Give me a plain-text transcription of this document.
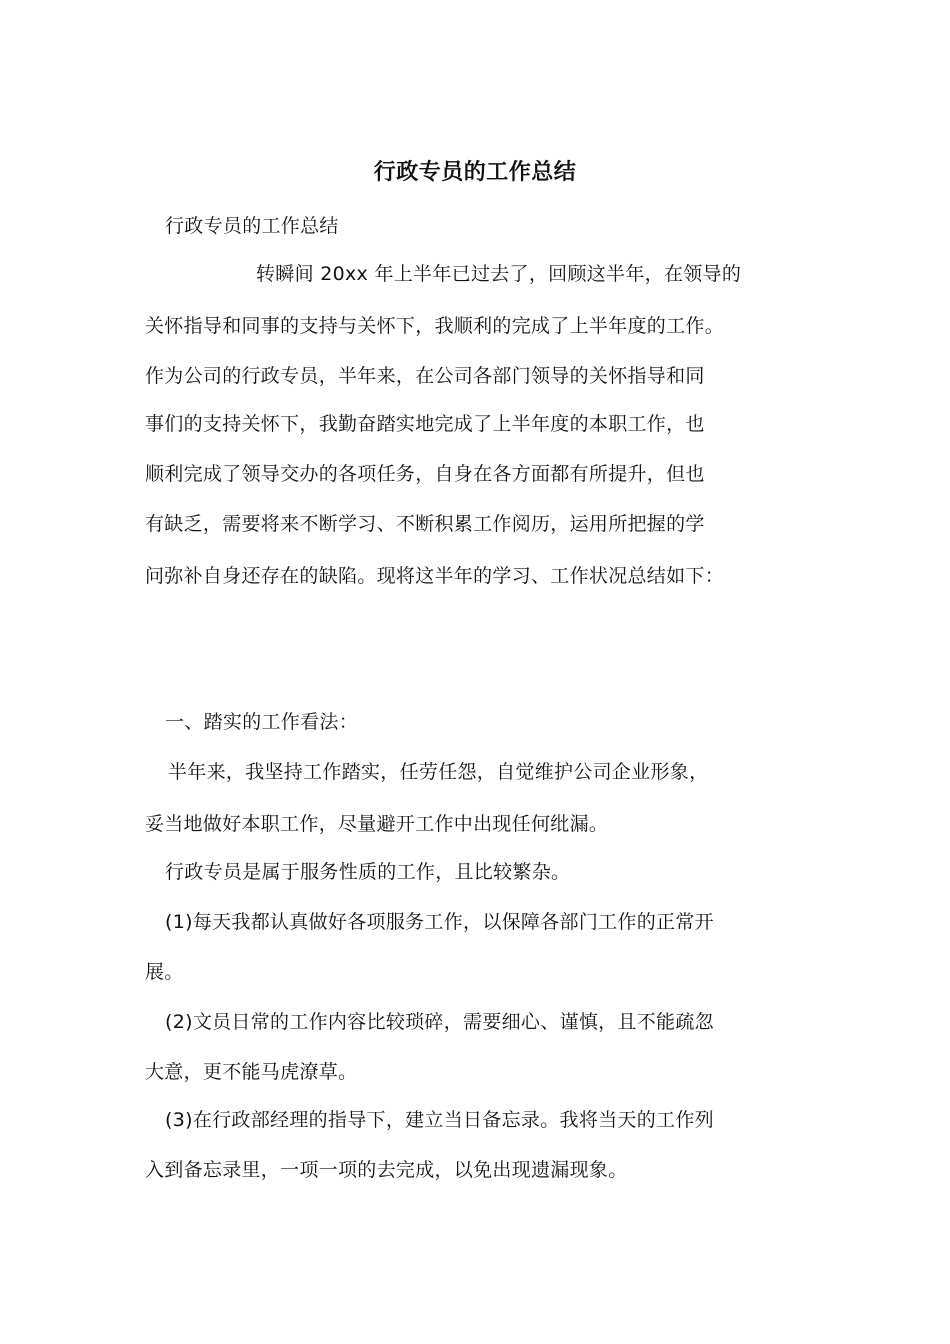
行政专员的工作总结
行政专员的工作总结
转瞬间 20xx 年上半年已过去了，回顾这半年，在领导的
关怀指导和同事的支持与关怀下，我顺利的完成了上半年度的工作。
作为公司的行政专员，半年来，在公司各部门领导的关怀指导和同
事们的支持关怀下，我勤奋踏实地完成了上半年度的本职工作，也
顺利完成了领导交办的各项任务，自身在各方面都有所提升，但也
有缺乏，需要将来不断学习、不断积累工作阅历，运用所把握的学
问弥补自身还存在的缺陷。现将这半年的学习、工作状况总结如下：
一、踏实的工作看法：
半年来，我坚持工作踏实，任劳任怨，自觉维护公司企业形象，
妥当地做好本职工作，尽量避开工作中出现任何纰漏。
行政专员是属于服务性质的工作，且比较繁杂。
(1)每天我都认真做好各项服务工作，以保障各部门工作的正常开
展。
(2)文员日常的工作内容比较琐碎，需要细心、谨慎，且不能疏忽
大意，更不能马虎潦草。
(3)在行政部经理的指导下，建立当日备忘录。我将当天的工作列
入到备忘录里，一项一项的去完成，以免出现遗漏现象。
